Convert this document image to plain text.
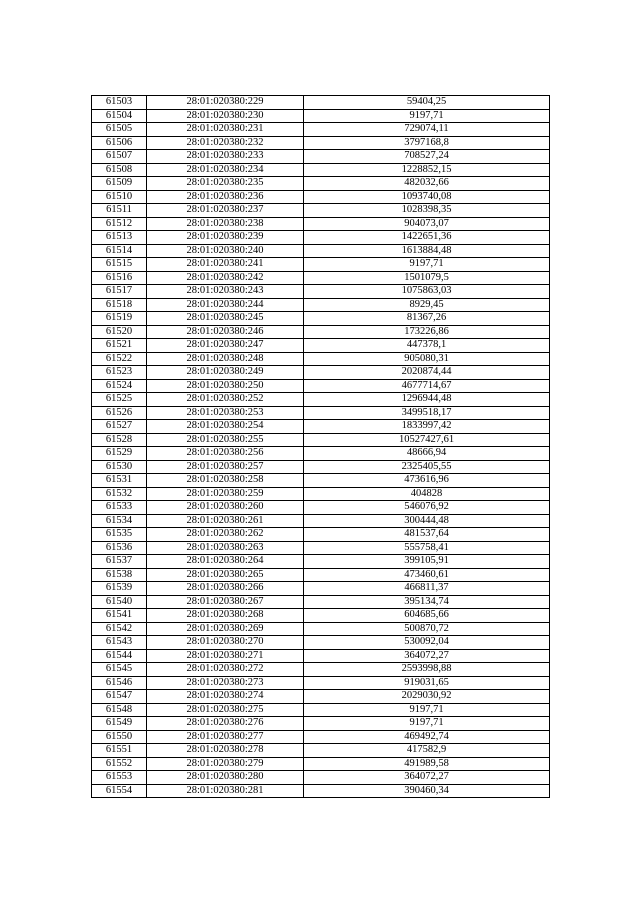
61503	28:01:020380:229	59404,25
61504	28:01:020380:230	9197,71
61505	28:01:020380:231	729074,11
61506	28:01:020380:232	3797168,8
61507	28:01:020380:233	708527,24
61508	28:01:020380:234	1228852,15
61509	28:01:020380:235	482032,66
61510	28:01:020380:236	1093740,08
61511	28:01:020380:237	1028398,35
61512	28:01:020380:238	904073,07
61513	28:01:020380:239	1422651,36
61514	28:01:020380:240	1613884,48
61515	28:01:020380:241	9197,71
61516	28:01:020380:242	1501079,5
61517	28:01:020380:243	1075863,03
61518	28:01:020380:244	8929,45
61519	28:01:020380:245	81367,26
61520	28:01:020380:246	173226,86
61521	28:01:020380:247	447378,1
61522	28:01:020380:248	905080,31
61523	28:01:020380:249	2020874,44
61524	28:01:020380:250	4677714,67
61525	28:01:020380:252	1296944,48
61526	28:01:020380:253	3499518,17
61527	28:01:020380:254	1833997,42
61528	28:01:020380:255	10527427,61
61529	28:01:020380:256	48666,94
61530	28:01:020380:257	2325405,55
61531	28:01:020380:258	473616,96
61532	28:01:020380:259	404828
61533	28:01:020380:260	546076,92
61534	28:01:020380:261	300444,48
61535	28:01:020380:262	481537,64
61536	28:01:020380:263	555758,41
61537	28:01:020380:264	399105,91
61538	28:01:020380:265	473460,61
61539	28:01:020380:266	466811,37
61540	28:01:020380:267	395134,74
61541	28:01:020380:268	604685,66
61542	28:01:020380:269	500870,72
61543	28:01:020380:270	530092,04
61544	28:01:020380:271	364072,27
61545	28:01:020380:272	2593998,88
61546	28:01:020380:273	919031,65
61547	28:01:020380:274	2029030,92
61548	28:01:020380:275	9197,71
61549	28:01:020380:276	9197,71
61550	28:01:020380:277	469492,74
61551	28:01:020380:278	417582,9
61552	28:01:020380:279	491989,58
61553	28:01:020380:280	364072,27
61554	28:01:020380:281	390460,34
